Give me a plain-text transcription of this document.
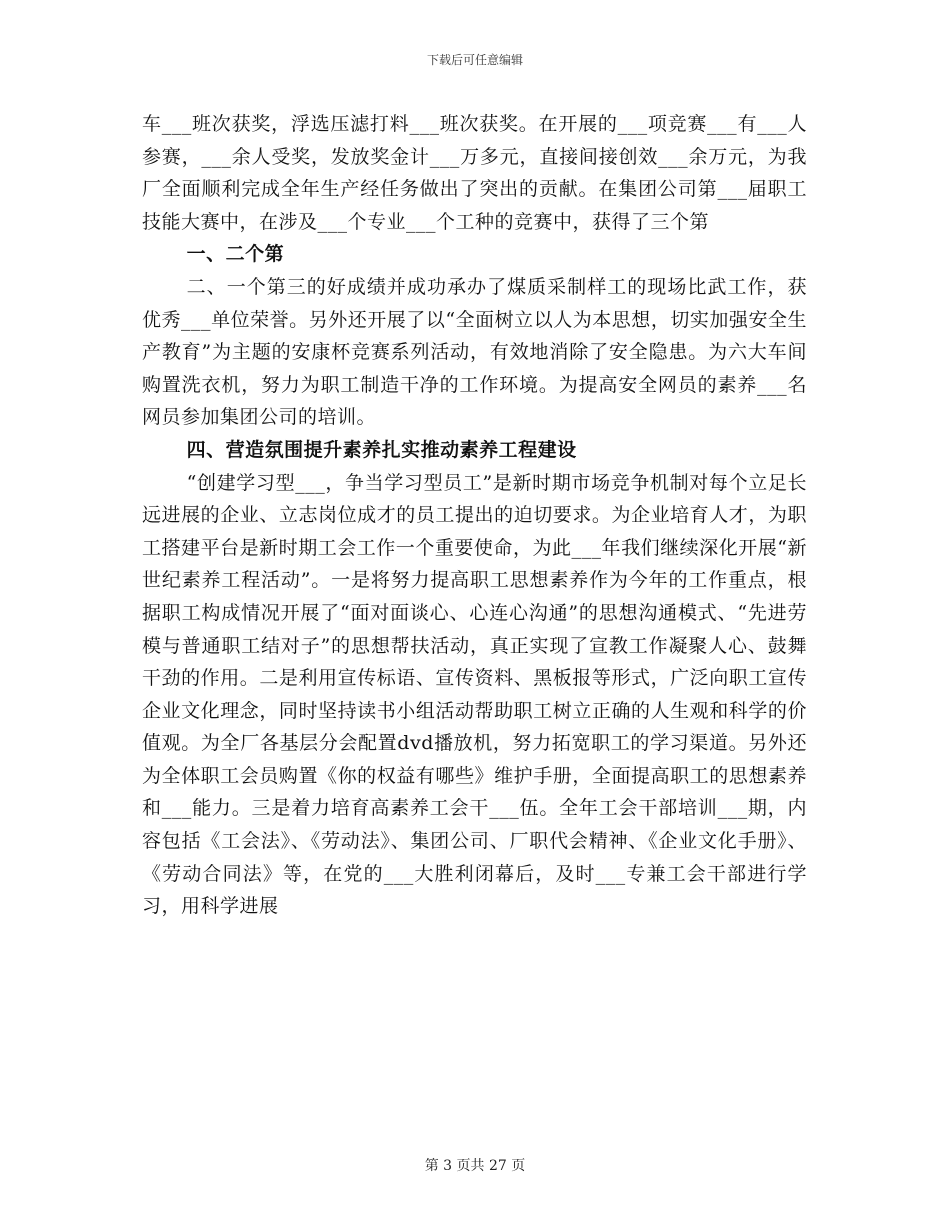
下载后可任意编辑

车___班次获奖，浮选压滤打料___班次获奖。在开展的___项竞赛___有___人参赛，___余人受奖，发放奖金计___万多元，直接间接创效___余万元，为我厂全面顺利完成全年生产经任务做出了突出的贡献。在集团公司第___届职工技能大赛中，在涉及___个专业___个工种的竞赛中，获得了三个第

一、二个第

二、一个第三的好成绩并成功承办了煤质采制样工的现场比武工作，获优秀___单位荣誉。另外还开展了以“全面树立以人为本思想，切实加强安全生产教育”为主题的安康杯竞赛系列活动，有效地消除了安全隐患。为六大车间购置洗衣机，努力为职工制造干净的工作环境。为提高安全网员的素养___名网员参加集团公司的培训。

四、营造氛围提升素养扎实推动素养工程建设

“创建学习型___，争当学习型员工”是新时期市场竞争机制对每个立足长远进展的企业、立志岗位成才的员工提出的迫切要求。为企业培育人才，为职工搭建平台是新时期工会工作一个重要使命，为此___年我们继续深化开展“新世纪素养工程活动”。一是将努力提高职工思想素养作为今年的工作重点，根据职工构成情况开展了“面对面谈心、心连心沟通”的思想沟通模式、“先进劳模与普通职工结对子”的思想帮扶活动，真正实现了宣教工作凝聚人心、鼓舞干劲的作用。二是利用宣传标语、宣传资料、黑板报等形式，广泛向职工宣传企业文化理念，同时坚持读书小组活动帮助职工树立正确的人生观和科学的价值观。为全厂各基层分会配置dvd播放机，努力拓宽职工的学习渠道。另外还为全体职工会员购置《你的权益有哪些》维护手册，全面提高职工的思想素养和___能力。三是着力培育高素养工会干___伍。全年工会干部培训___期，内容包括《工会法》、《劳动法》、集团公司、厂职代会精神、《企业文化手册》、《劳动合同法》等，在党的___大胜利闭幕后，及时___专兼工会干部进行学习，用科学进展

第 3 页共 27 页
